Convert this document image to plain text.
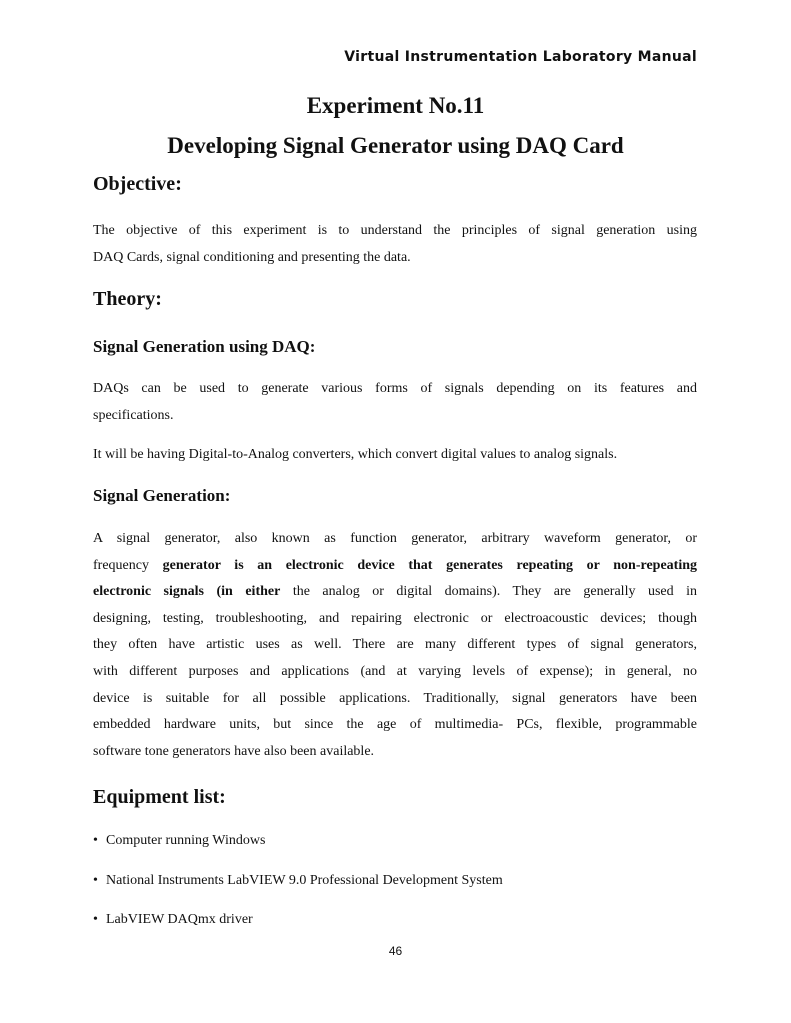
Virtual Instrumentation Laboratory Manual
Experiment No.11
Developing Signal Generator using DAQ Card
Objective:
The objective of this experiment is to understand the principles of signal generation using
DAQ Cards, signal conditioning and presenting the data.
Theory:
Signal Generation using DAQ:
DAQs can be used to generate various forms of signals depending on its features and
specifications.
It will be having Digital-to-Analog converters, which convert digital values to analog signals.
Signal Generation:
A signal generator, also known as function generator, arbitrary waveform generator, or
frequency generator is an electronic device that generates repeating or non-repeating
electronic signals (in either the analog or digital domains). They are generally used in
designing, testing, troubleshooting, and repairing electronic or electroacoustic devices; though
they often have artistic uses as well. There are many different types of signal generators,
with different purposes and applications (and at varying levels of expense); in general, no
device is suitable for all possible applications. Traditionally, signal generators have been
embedded hardware units, but since the age of multimedia- PCs, flexible, programmable
software tone generators have also been available.
Equipment list:
• Computer running Windows
• National Instruments LabVIEW 9.0 Professional Development System
• LabVIEW DAQmx driver
46
